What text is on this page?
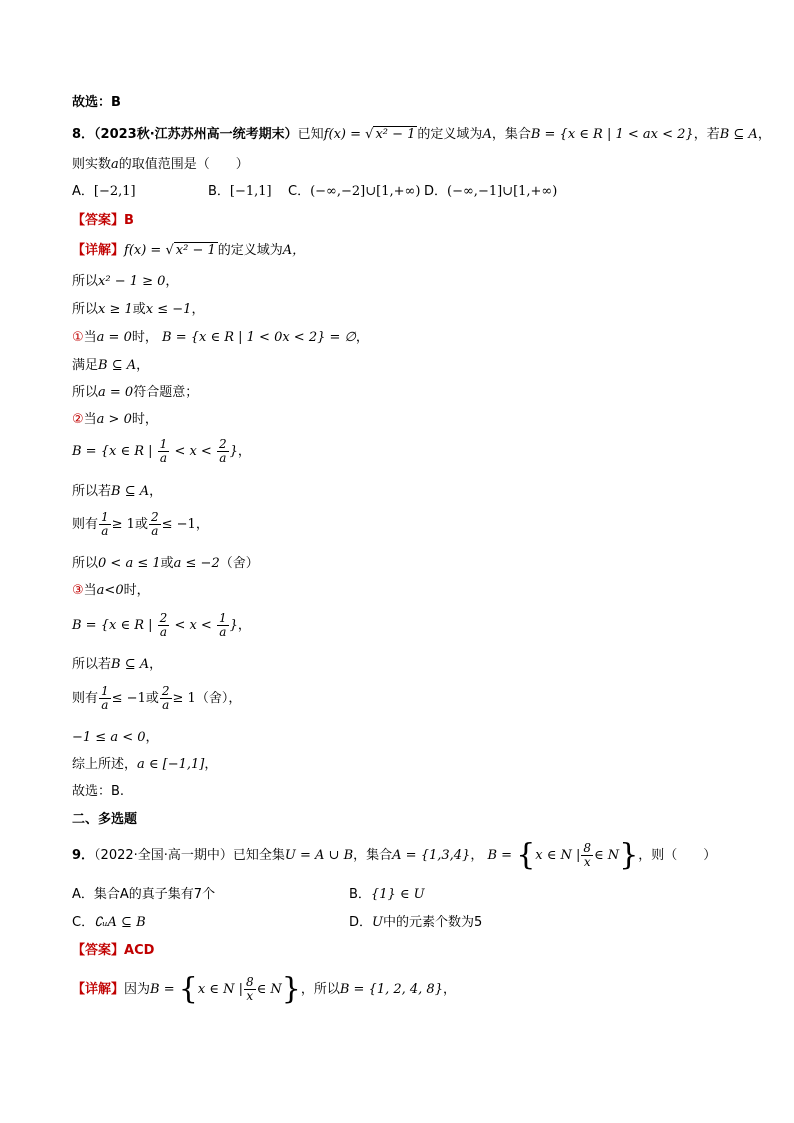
故选：B
8．（2023秋·江苏苏州高一统考期末）已知f(x) = √ x² − 1 的定义域为A，集合B = {x ∈ R | 1 < ax < 2}，若B ⊆ A，
则实数a的取值范围是（　　）
A．[−2,1]	B．[−1,1] C．(−∞,−2]∪[1,+∞) D．(−∞,−1]∪[1,+∞)
【答案】B
【详解】f(x) = √ x² − 1 的定义域为A，
所以x² − 1 ≥ 0，
所以x ≥ 1或x ≤ −1，
①当a = 0时， B = {x ∈ R | 1 < 0x < 2} = ∅，
满足B ⊆ A，
所以a = 0符合题意；
②当a > 0时，
B = {x ∈ R | $\frac{1}{a} < x < \frac{2}{a}$ }，
所以若B ⊆ A，
则有 $\frac{1}{a} \ge 1$或 $\frac{2}{a} \le -1$，
所以0 < a ≤ 1或a ≤ −2（舍）
③当a<0时，
B = {x ∈ R | $\frac{2}{a} < x < \frac{1}{a}$ }，
所以若B ⊆ A，
则有 $\frac{1}{a} \le -1$或 $\frac{2}{a} \ge 1$（舍），
−1 ≤ a < 0，
综上所述，a ∈ [−1,1]，
故选：B.
二、多选题
9．（2022·全国·高一期中）已知全集U = A ∪ B，集合A = {1,3,4}， B = {x ∈ N | $\frac{8}{x}$ ∈ N}，则（　　）
A．集合A的真子集有7个	B．{1} ∈ U
C．∁ᵤA ⊆ B	D．U中的元素个数为5
【答案】ACD
【详解】因为B = {x ∈ N | $\frac{8}{x}$ ∈ N}，所以B = {1, 2, 4, 8}，
